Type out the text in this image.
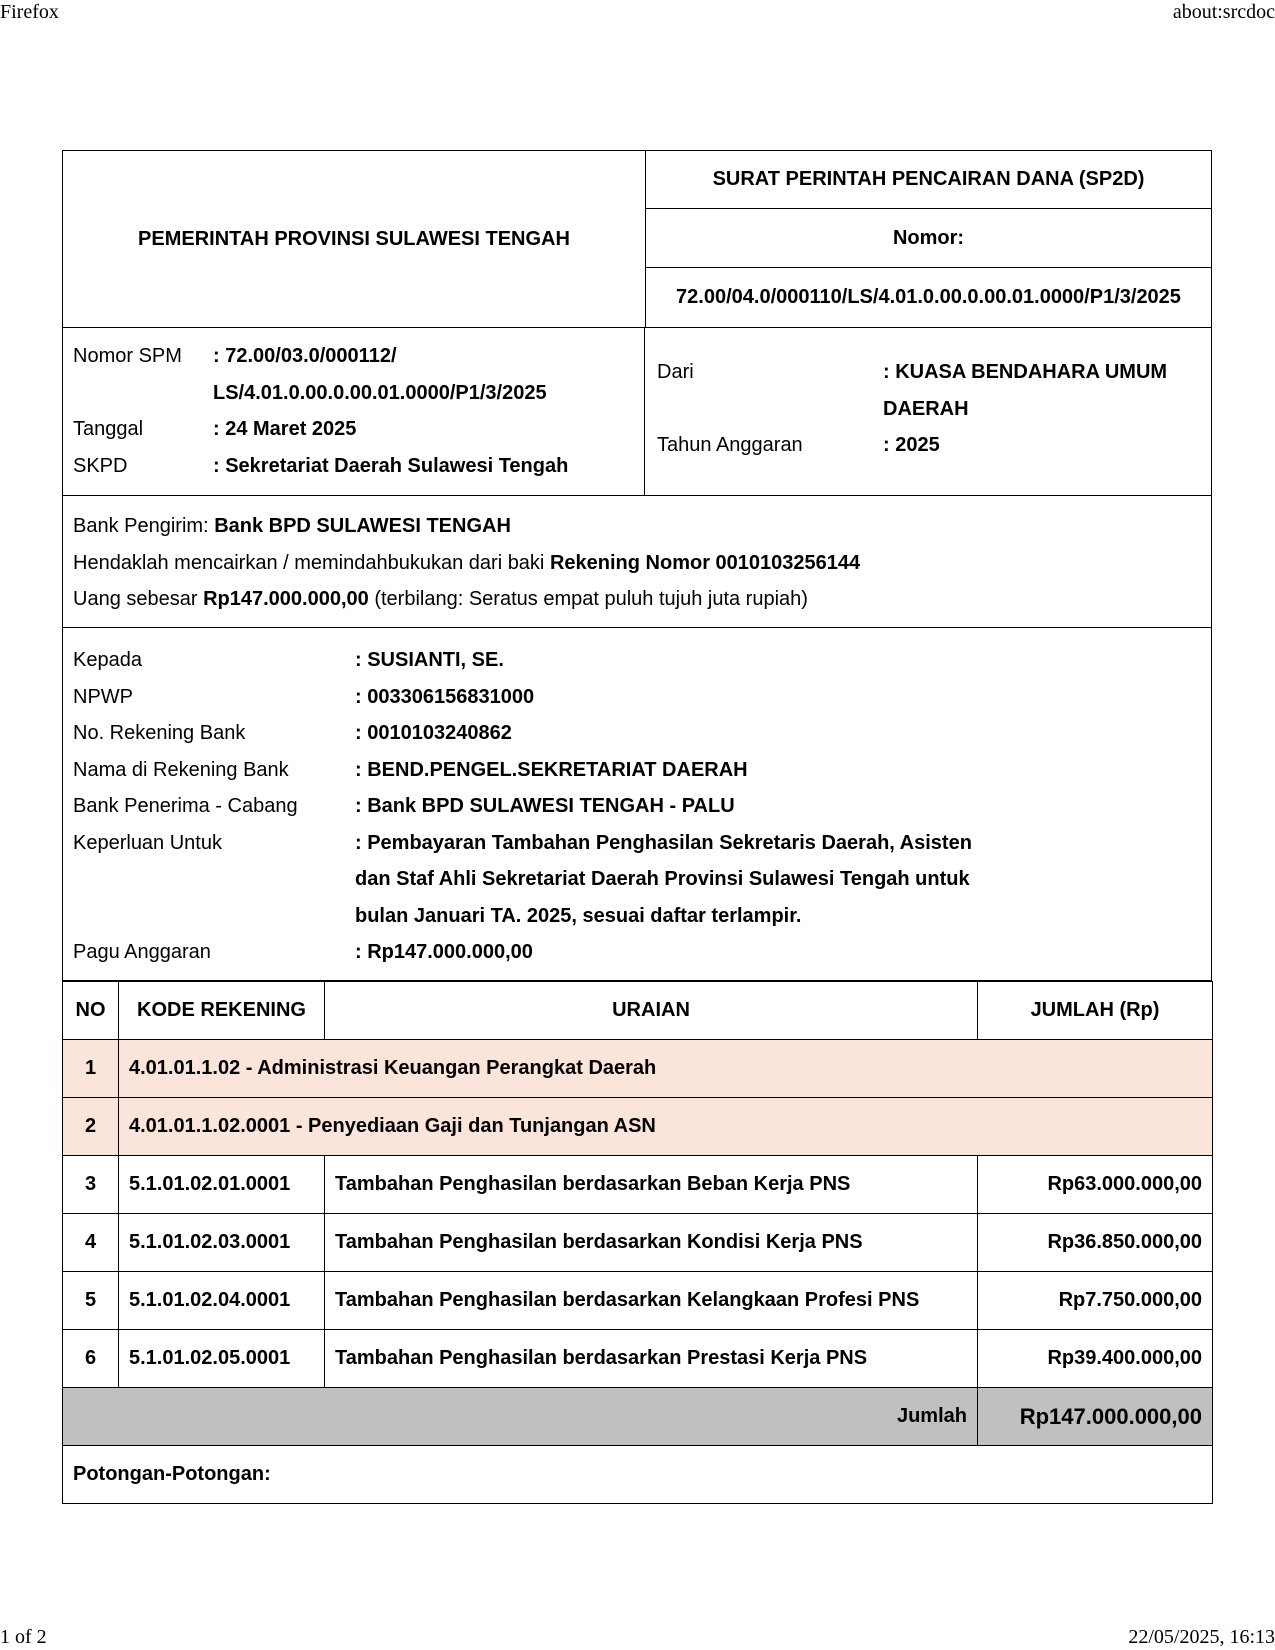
Firefox	about:srcdoc
PEMERINTAH PROVINSI SULAWESI TENGAH
SURAT PERINTAH PENCAIRAN DANA (SP2D)
Nomor:
72.00/04.0/000110/LS/4.01.0.00.0.00.01.0000/P1/3/2025
Nomor SPM	: 72.00/03.0/000112/
LS/4.01.0.00.0.00.01.0000/P1/3/2025
Tanggal	: 24 Maret 2025
SKPD	: Sekretariat Daerah Sulawesi Tengah
Dari	: KUASA BENDAHARA UMUM
DAERAH
Tahun Anggaran	: 2025
Bank Pengirim: Bank BPD SULAWESI TENGAH
Hendaklah mencairkan / memindahbukukan dari baki Rekening Nomor 0010103256144
Uang sebesar Rp147.000.000,00 (terbilang: Seratus empat puluh tujuh juta rupiah)
Kepada	: SUSIANTI, SE.
NPWP	: 003306156831000
No. Rekening Bank	: 0010103240862
Nama di Rekening Bank	: BEND.PENGEL.SEKRETARIAT DAERAH
Bank Penerima - Cabang	: Bank BPD SULAWESI TENGAH - PALU
Keperluan Untuk	: Pembayaran Tambahan Penghasilan Sekretaris Daerah, Asisten
dan Staf Ahli Sekretariat Daerah Provinsi Sulawesi Tengah untuk
bulan Januari TA. 2025, sesuai daftar terlampir.
Pagu Anggaran	: Rp147.000.000,00
NO	KODE REKENING	URAIAN	JUMLAH (Rp)
1	4.01.01.1.02 - Administrasi Keuangan Perangkat Daerah		
2	4.01.01.1.02.0001 - Penyediaan Gaji dan Tunjangan ASN		
3	5.1.01.02.01.0001	Tambahan Penghasilan berdasarkan Beban Kerja PNS	Rp63.000.000,00
4	5.1.01.02.03.0001	Tambahan Penghasilan berdasarkan Kondisi Kerja PNS	Rp36.850.000,00
5	5.1.01.02.04.0001	Tambahan Penghasilan berdasarkan Kelangkaan Profesi PNS	Rp7.750.000,00
6	5.1.01.02.05.0001	Tambahan Penghasilan berdasarkan Prestasi Kerja PNS	Rp39.400.000,00
Jumlah			Rp147.000.000,00
Potongan-Potongan:			
1 of 2	22/05/2025, 16:13
